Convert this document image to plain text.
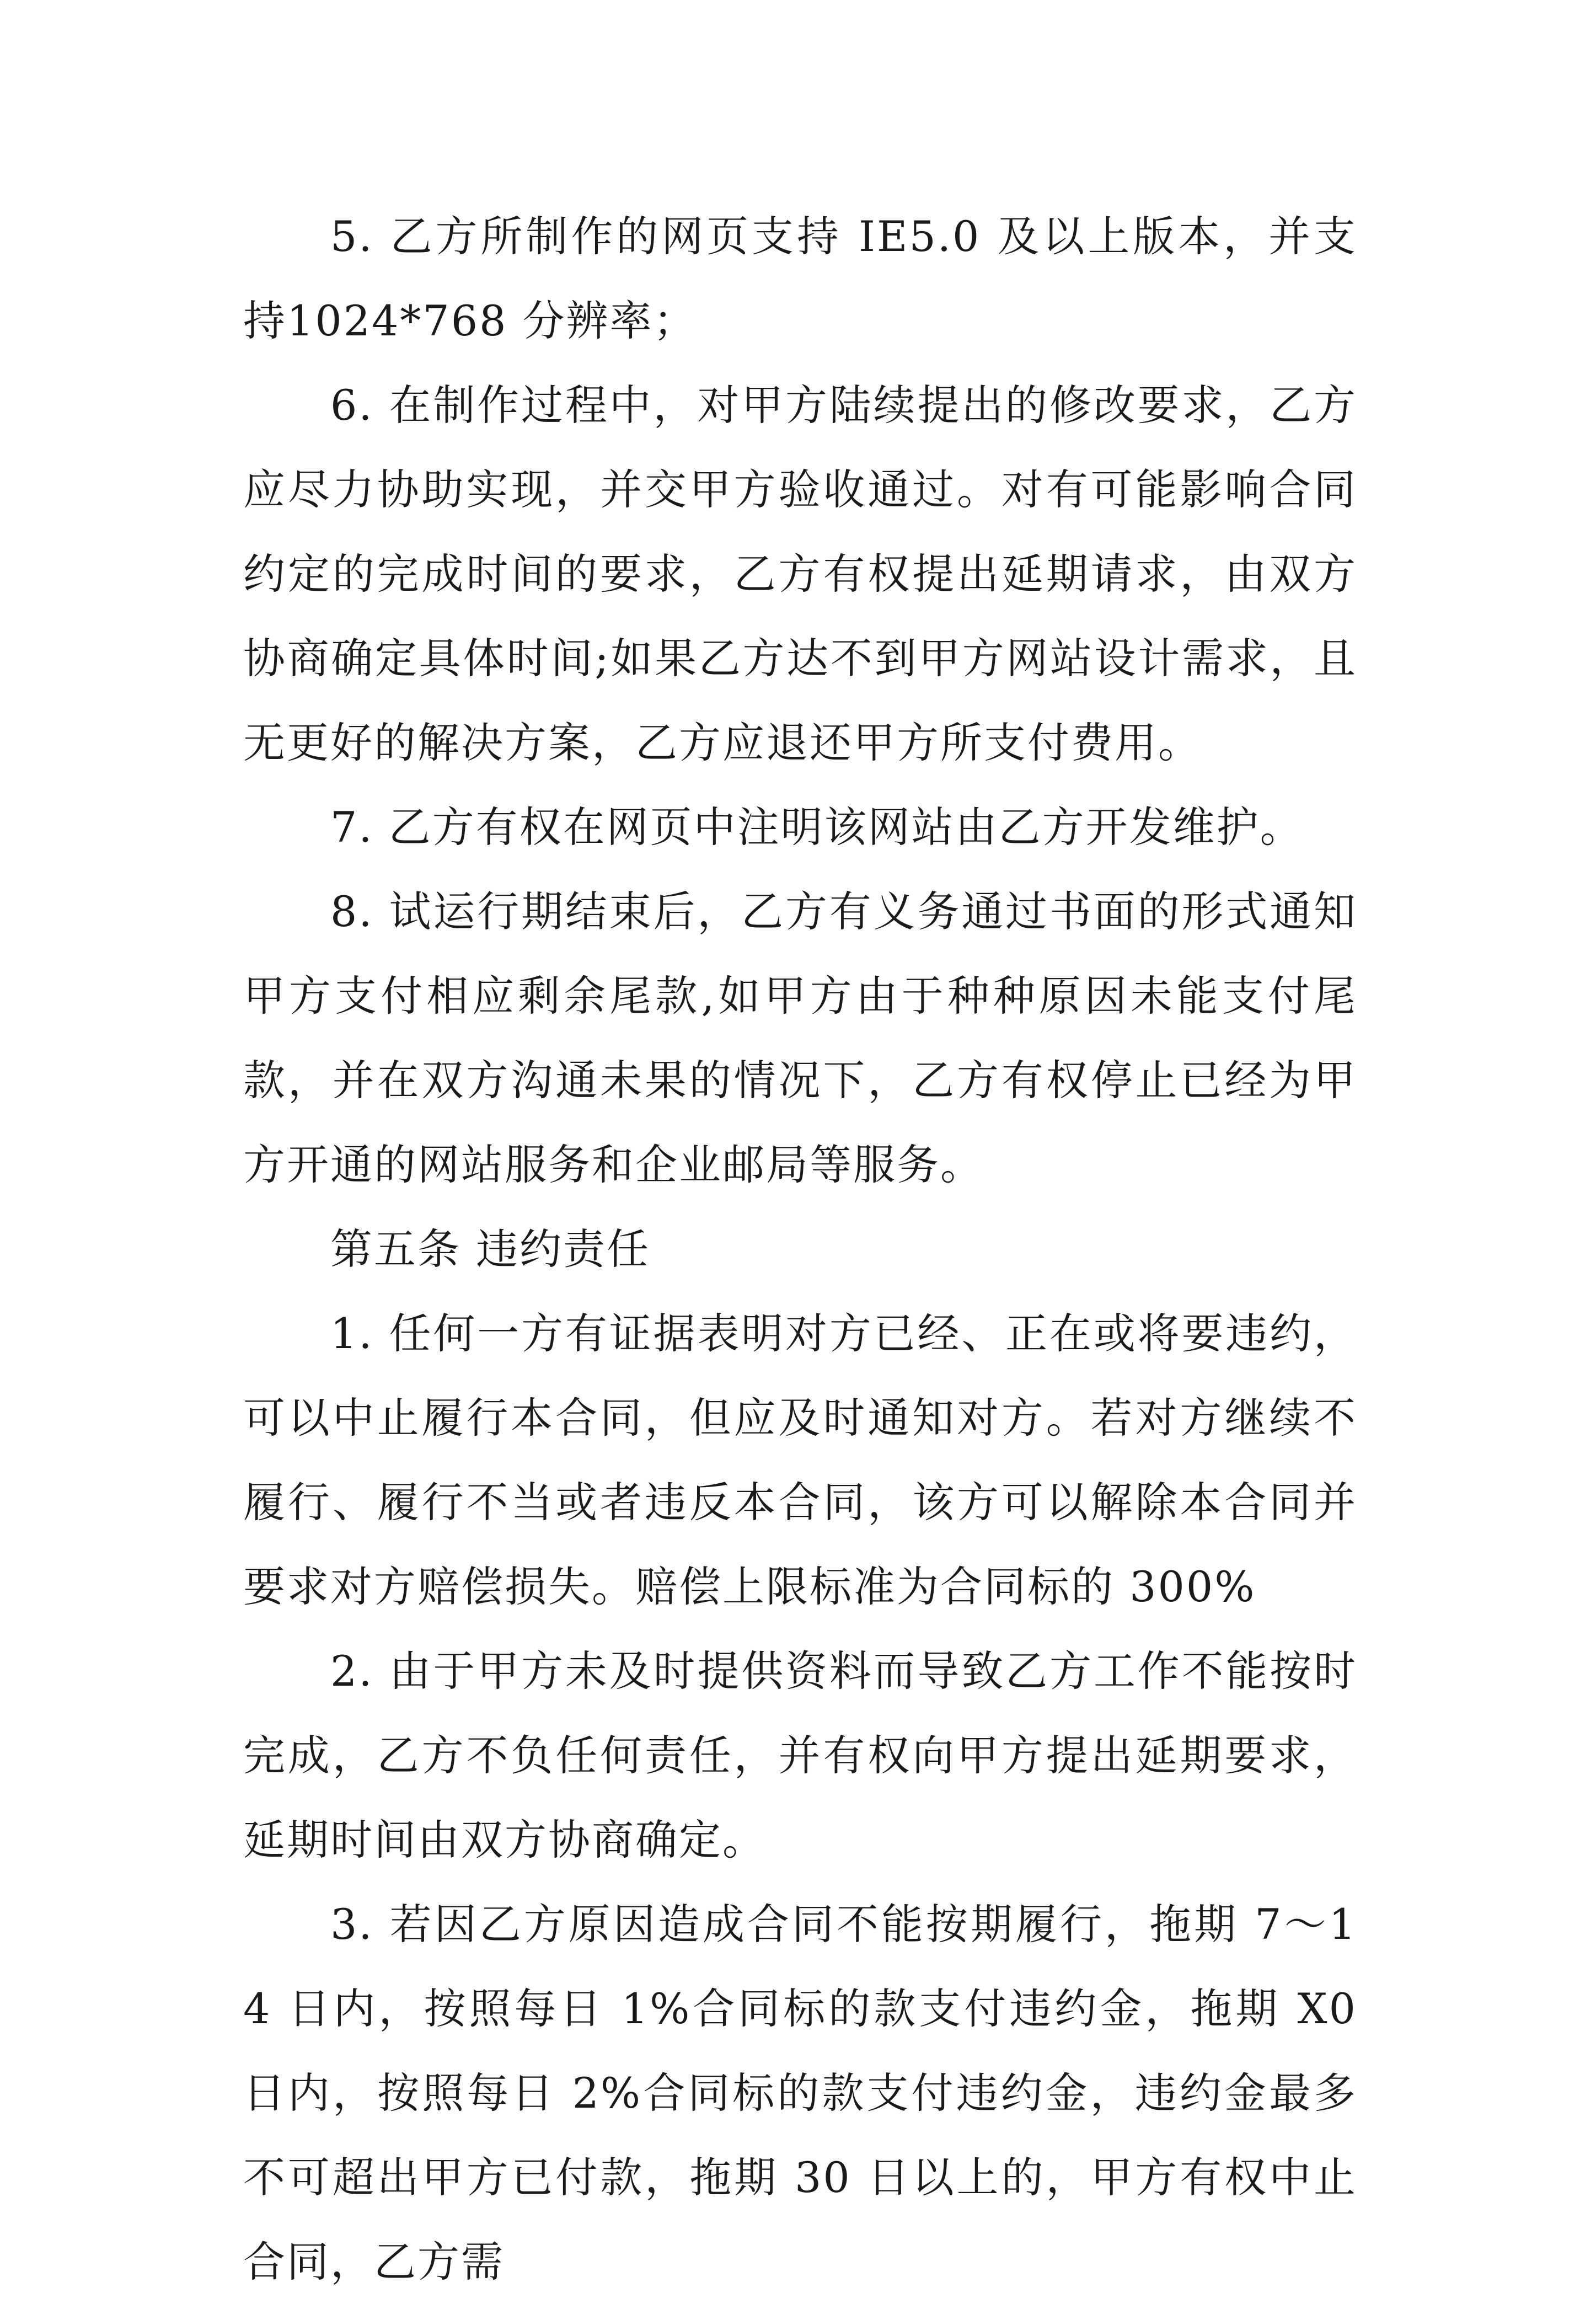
5. 乙方所制作的网页支持 IE5.0 及以上版本，并支持1024*768 分辨率；

6. 在制作过程中，对甲方陆续提出的修改要求，乙方应尽力协助实现，并交甲方验收通过。对有可能影响合同约定的完成时间的要求，乙方有权提出延期请求，由双方协商确定具体时间;如果乙方达不到甲方网站设计需求，且无更好的解决方案，乙方应退还甲方所支付费用。

7. 乙方有权在网页中注明该网站由乙方开发维护。

8. 试运行期结束后，乙方有义务通过书面的形式通知甲方支付相应剩余尾款,如甲方由于种种原因未能支付尾款，并在双方沟通未果的情况下，乙方有权停止已经为甲方开通的网站服务和企业邮局等服务。

第五条 违约责任

1. 任何一方有证据表明对方已经、正在或将要违约，可以中止履行本合同，但应及时通知对方。若对方继续不履行、履行不当或者违反本合同，该方可以解除本合同并要求对方赔偿损失。赔偿上限标准为合同标的 300%

2. 由于甲方未及时提供资料而导致乙方工作不能按时完成，乙方不负任何责任，并有权向甲方提出延期要求，延期时间由双方协商确定。

3. 若因乙方原因造成合同不能按期履行，拖期 7～14 日内，按照每日 1%合同标的款支付违约金，拖期 X0 日内，按照每日 2%合同标的款支付违约金，违约金最多不可超出甲方已付款，拖期 30 日以上的，甲方有权中止合同，乙方需
